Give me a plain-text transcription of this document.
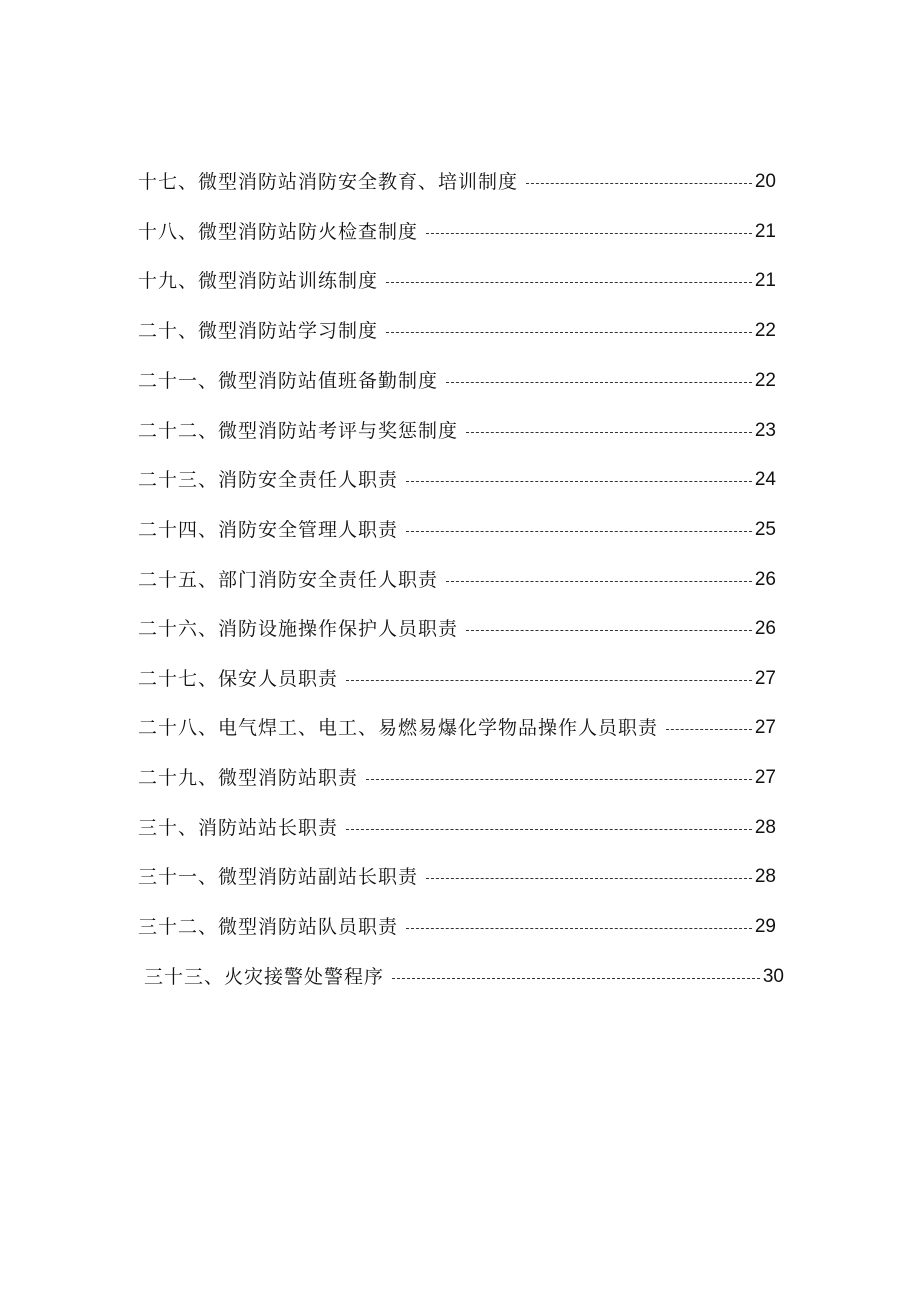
十七、微型消防站消防安全教育、培训制度	20
十八、微型消防站防火检查制度	21
十九、微型消防站训练制度	21
二十、微型消防站学习制度	22
二十一、微型消防站值班备勤制度	22
二十二、微型消防站考评与奖惩制度	23
二十三、消防安全责任人职责	24
二十四、消防安全管理人职责	25
二十五、部门消防安全责任人职责	26
二十六、消防设施操作保护人员职责	26
二十七、保安人员职责	27
二十八、电气焊工、电工、易燃易爆化学物品操作人员职责	27
二十九、微型消防站职责	27
三十、消防站站长职责	28
三十一、微型消防站副站长职责	28
三十二、微型消防站队员职责	29
三十三、火灾接警处警程序	30
